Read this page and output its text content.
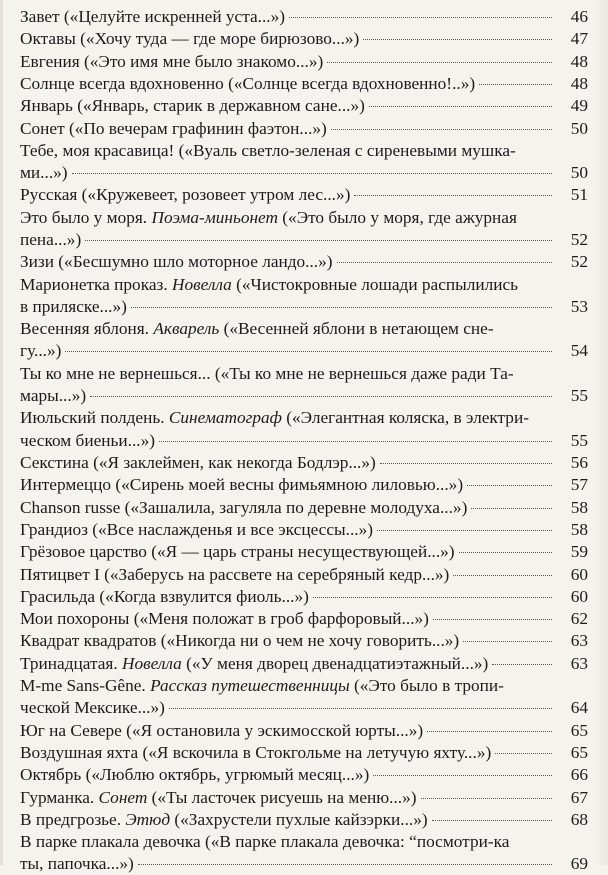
Завет («Целуйте искренней уста...»)	46
Октавы («Хочу туда — где море бирюзово...»)	47
Евгения («Это имя мне было знакомо...»)	48
Солнце всегда вдохновенно («Солнце всегда вдохновенно!..»)	48
Январь («Январь, старик в державном сане...»)	49
Сонет («По вечерам графинин фаэтон...»)	50
Тебе, моя красавица! («Вуаль светло-зеленая с сиреневыми мушка-
ми...»)	50
Русская («Кружевеет, розовеет утром лес...»)	51
Это было у моря. Поэма-миньонет («Это было у моря, где ажурная
пена...»)	52
Зизи («Бесшумно шло моторное ландо...»)	52
Марионетка проказ. Новелла («Чистокровные лошади распылились
в приляске...»)	53
Весенняя яблоня. Акварель («Весенней яблони в нетающем сне-
гу...»)	54
Ты ко мне не вернешься... («Ты ко мне не вернешься даже ради Та-
мары...»)	55
Июльский полдень. Синематограф («Элегантная коляска, в электри-
ческом биеньи...»)	55
Секстина («Я заклеймен, как некогда Бодлэр...»)	56
Интермеццо («Сирень моей весны фимьямною лиловью...»)	57
Chanson russe («Зашалила, загуляла по деревне молодуха...»)	58
Грандиоз («Все наслажденья и все эксцессы...»)	58
Грёзовое царство («Я — царь страны несуществующей...»)	59
Пятицвет I («Заберусь на рассвете на серебряный кедр...»)	60
Грасильда («Когда взвулится фиоль...»)	60
Мои похороны («Меня положат в гроб фарфоровый...»)	62
Квадрат квадратов («Никогда ни о чем не хочу говорить...»)	63
Тринадцатая. Новелла («У меня дворец двенадцатиэтажный...»)	63
M-me Sans-Gêne. Рассказ путешественницы («Это было в тропи-
ческой Мексике...»)	64
Юг на Севере («Я остановила у эскимосской юрты...»)	65
Воздушная яхта («Я вскочила в Стокгольме на летучую яхту...»)	65
Октябрь («Люблю октябрь, угрюмый месяц...»)	66
Гурманка. Сонет («Ты ласточек рисуешь на меню...»)	67
В предгрозье. Этюд («Захрустели пухлые кайзэрки...»)	68
В парке плакала девочка («В парке плакала девочка: “посмотри-ка
ты, папочка...»)	69
